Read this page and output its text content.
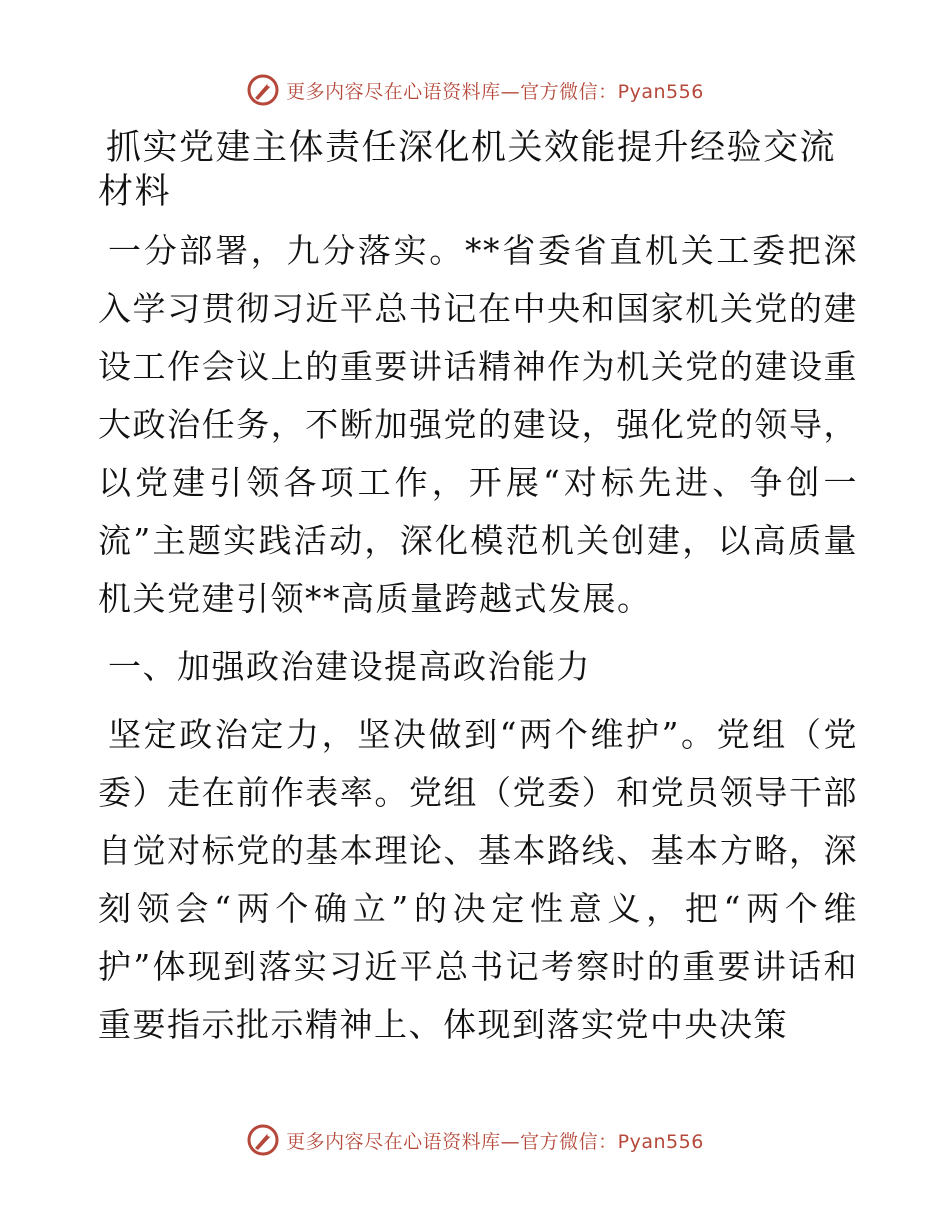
更多内容尽在心语资料库—官方微信：Pyan556
抓实党建主体责任深化机关效能提升经验交流材料

一分部署，九分落实。**省委省直机关工委把深入学习贯彻习近平总书记在中央和国家机关党的建设工作会议上的重要讲话精神作为机关党的建设重大政治任务，不断加强党的建设，强化党的领导，以党建引领各项工作，开展“对标先进、争创一流”主题实践活动，深化模范机关创建，以高质量机关党建引领**高质量跨越式发展。

一、加强政治建设提高政治能力

坚定政治定力，坚决做到“两个维护”。党组（党委）走在前作表率。党组（党委）和党员领导干部自觉对标党的基本理论、基本路线、基本方略，深刻领会“两个确立”的决定性意义，把“两个维护”体现到落实习近平总书记考察时的重要讲话和重要指示批示精神上、体现到落实党中央决策

更多内容尽在心语资料库—官方微信：Pyan556
